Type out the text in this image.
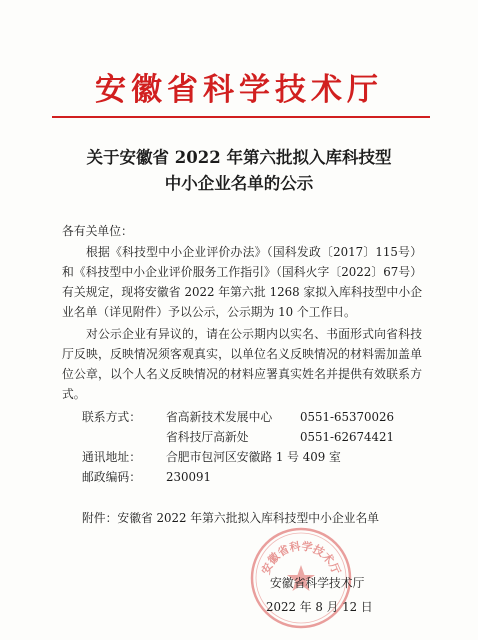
安徽省科学技术厅
关于安徽省 2022 年第六批拟入库科技型
中小企业名单的公示
各有关单位：
根据《科技型中小企业评价办法》（国科发政〔2017〕115号）和《科技型中小企业评价服务工作指引》（国科火字〔2022〕67号）有关规定，现将安徽省 2022 年第六批 1268 家拟入库科技型中小企业名单（详见附件）予以公示，公示期为 10 个工作日。
对公示企业有异议的，请在公示期内以实名、书面形式向省科技厅反映，反映情况须客观真实，以单位名义反映情况的材料需加盖单位公章，以个人名义反映情况的材料应署真实姓名并提供有效联系方式。
联系方式： 省高新技术发展中心 0551-65370026
省科技厅高新处	0551-62674421
通讯地址： 合肥市包河区安徽路 1 号 409 室
邮政编码： 230091
附件：安徽省 2022 年第六批拟入库科技型中小企业名单
安徽省科学技术厅
安徽省科学技术厅
2022 年 8 月 12 日
